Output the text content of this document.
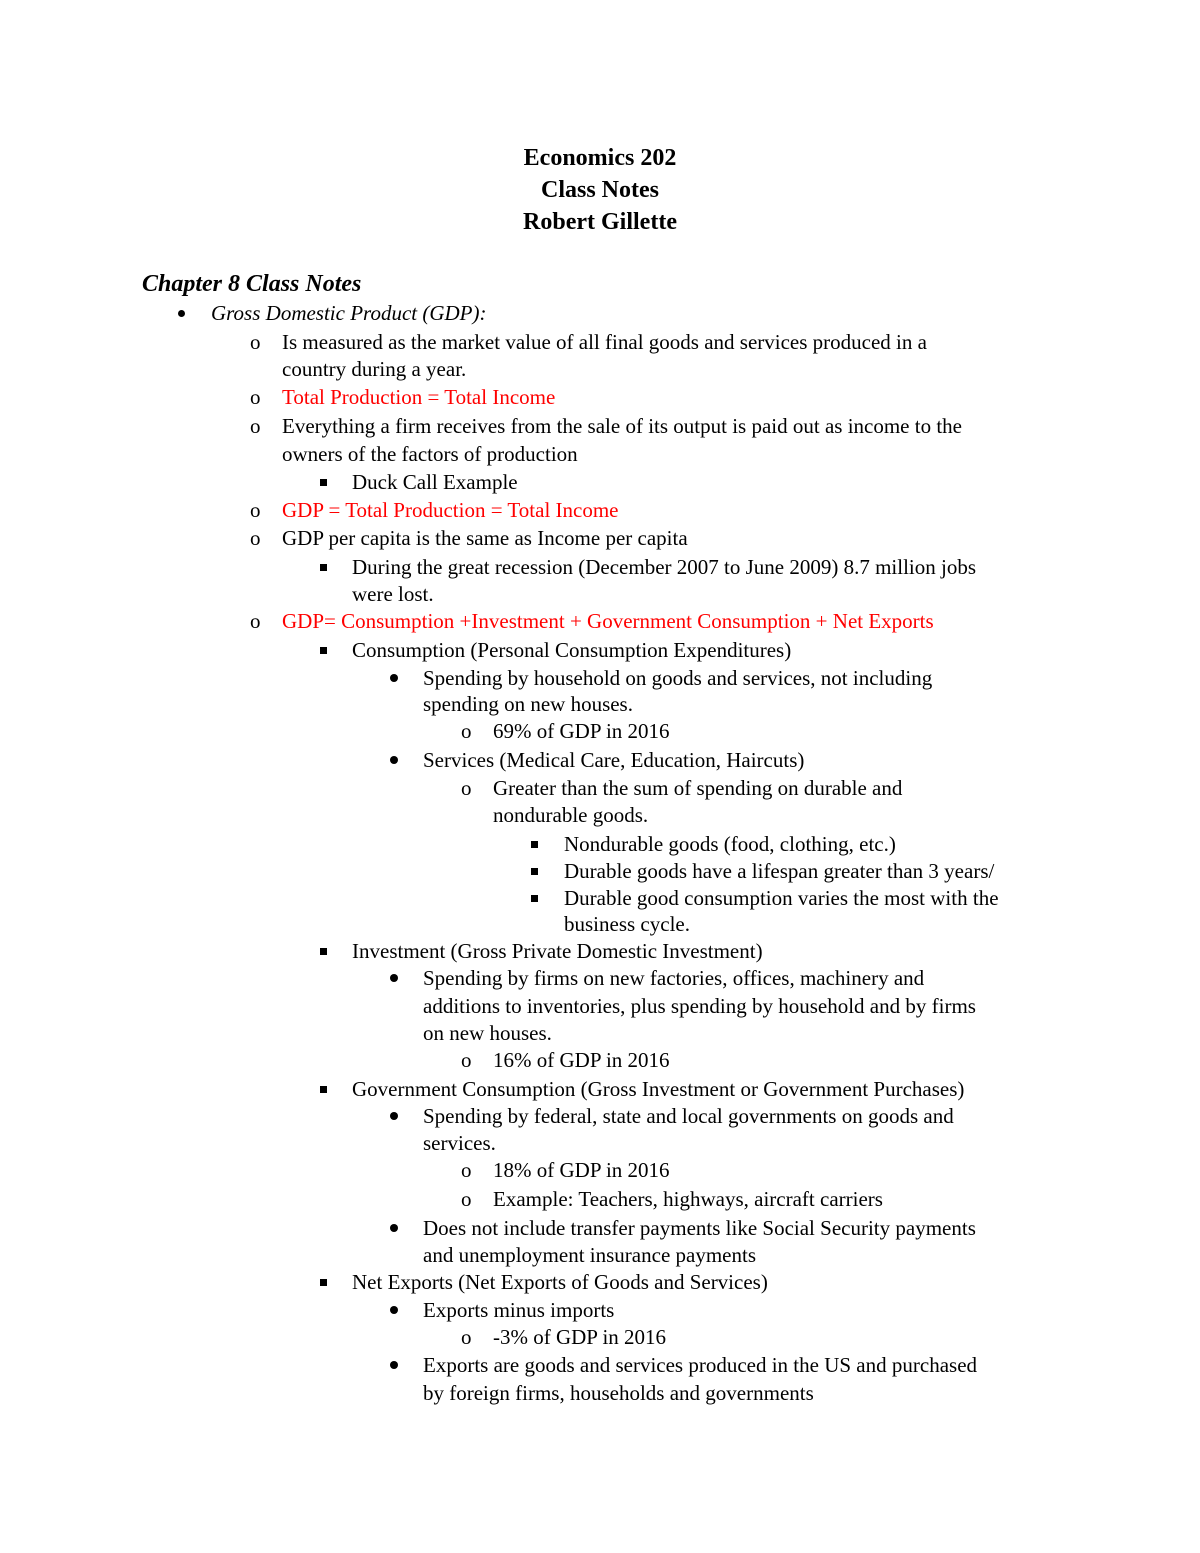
Economics 202
Class Notes
Robert Gillette
Chapter 8 Class Notes
Gross Domestic Product (GDP):
o Is measured as the market value of all final goods and services produced in a
country during a year.
o Total Production = Total Income
o Everything a firm receives from the sale of its output is paid out as income to the
owners of the factors of production
Duck Call Example
o GDP = Total Production = Total Income
o GDP per capita is the same as Income per capita
During the great recession (December 2007 to June 2009) 8.7 million jobs
were lost.
o GDP= Consumption +Investment + Government Consumption + Net Exports
Consumption (Personal Consumption Expenditures)
Spending by household on goods and services, not including
spending on new houses.
o 69% of GDP in 2016
Services (Medical Care, Education, Haircuts)
o Greater than the sum of spending on durable and
nondurable goods.
Nondurable goods (food, clothing, etc.)
Durable goods have a lifespan greater than 3 years/
Durable good consumption varies the most with the
business cycle.
Investment (Gross Private Domestic Investment)
Spending by firms on new factories, offices, machinery and
additions to inventories, plus spending by household and by firms
on new houses.
o 16% of GDP in 2016
Government Consumption (Gross Investment or Government Purchases)
Spending by federal, state and local governments on goods and
services.
o 18% of GDP in 2016
o Example: Teachers, highways, aircraft carriers
Does not include transfer payments like Social Security payments
and unemployment insurance payments
Net Exports (Net Exports of Goods and Services)
Exports minus imports
o -3% of GDP in 2016
Exports are goods and services produced in the US and purchased
by foreign firms, households and governments
